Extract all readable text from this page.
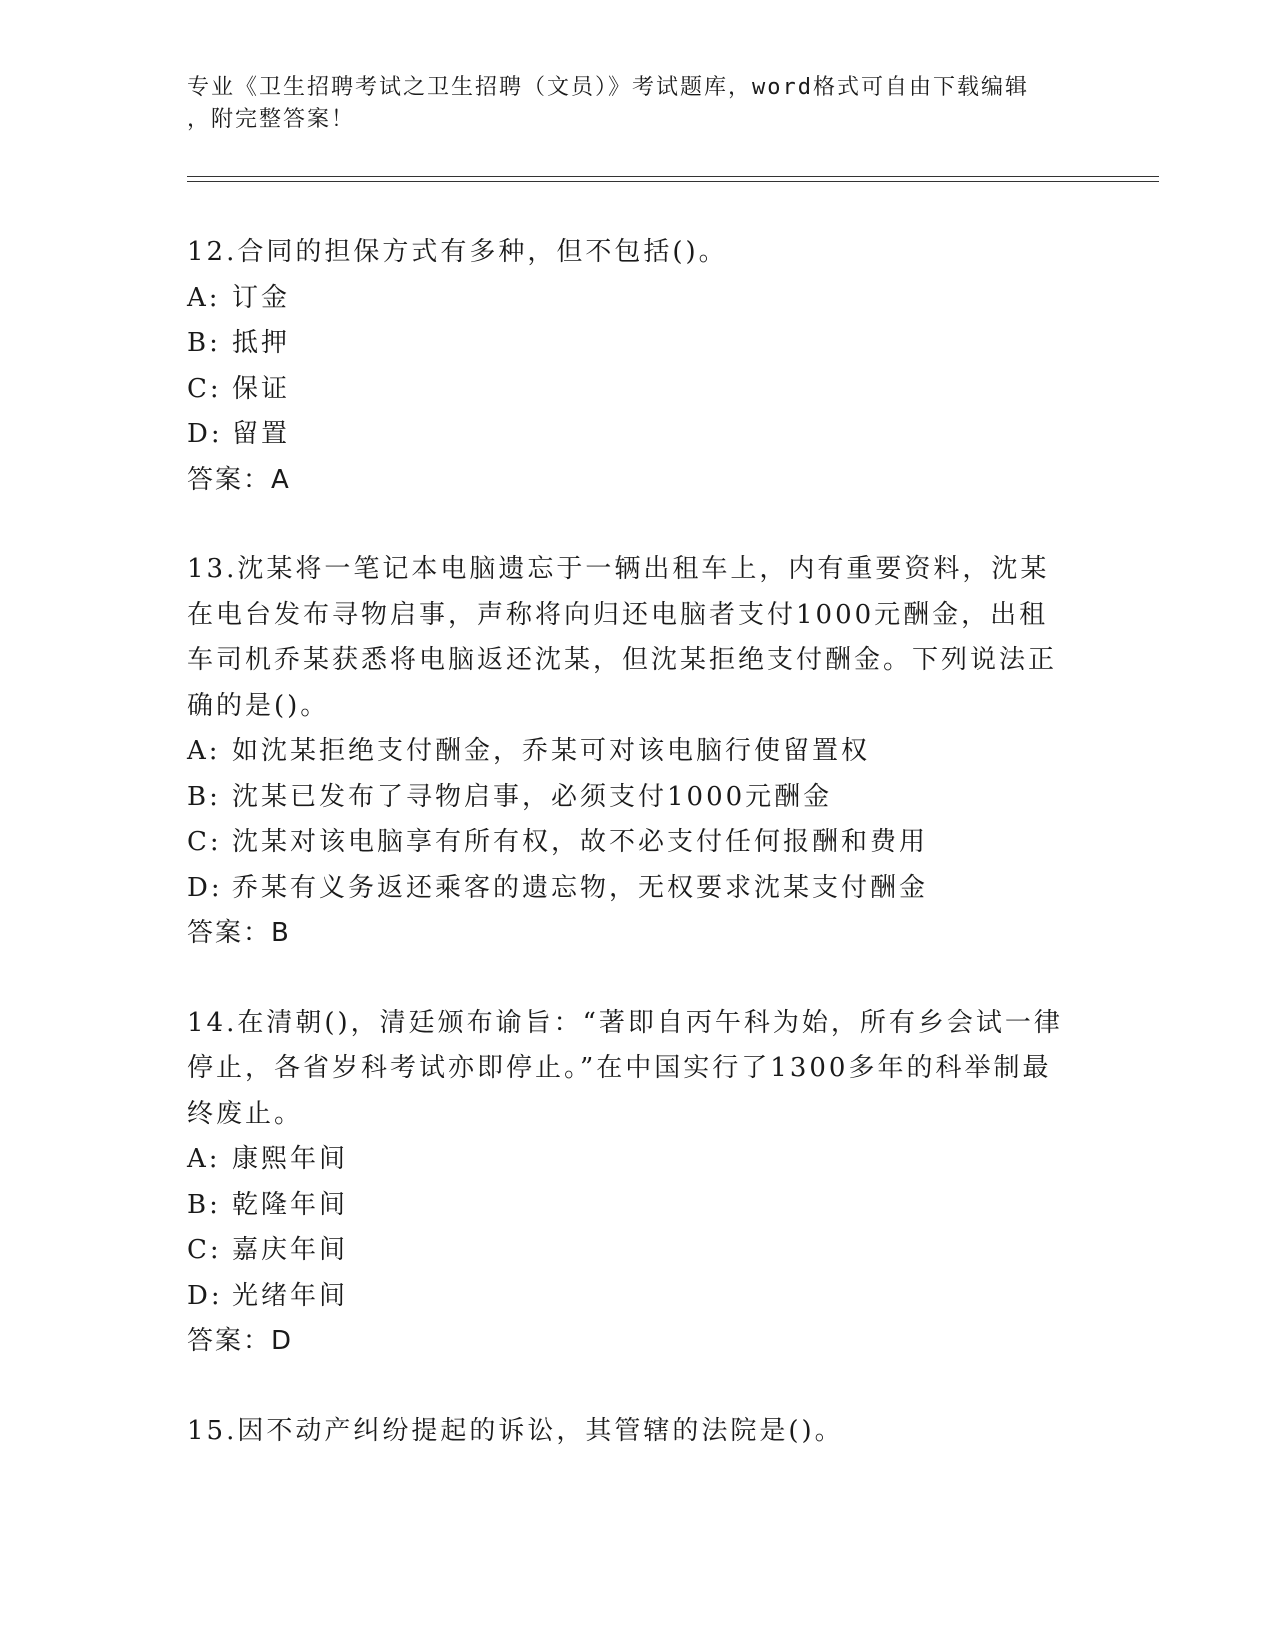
专业《卫生招聘考试之卫生招聘（文员）》考试题库，word格式可自由下载编辑
，附完整答案！

12.合同的担保方式有多种，但不包括()。

A: 订金

B: 抵押

C: 保证

D: 留置

答案：A

13.沈某将一笔记本电脑遗忘于一辆出租车上，内有重要资料，沈某在电台发布寻物启事，声称将向归还电脑者支付1000元酬金，出租车司机乔某获悉将电脑返还沈某，但沈某拒绝支付酬金。下列说法正确的是()。

A: 如沈某拒绝支付酬金，乔某可对该电脑行使留置权

B: 沈某已发布了寻物启事，必须支付1000元酬金

C: 沈某对该电脑享有所有权，故不必支付任何报酬和费用

D: 乔某有义务返还乘客的遗忘物，无权要求沈某支付酬金

答案：B

14.在清朝()，清廷颁布谕旨：“著即自丙午科为始，所有乡会试一律停止，各省岁科考试亦即停止。”在中国实行了1300多年的科举制最终废止。

A: 康熙年间

B: 乾隆年间

C: 嘉庆年间

D: 光绪年间

答案：D

15.因不动产纠纷提起的诉讼，其管辖的法院是()。
